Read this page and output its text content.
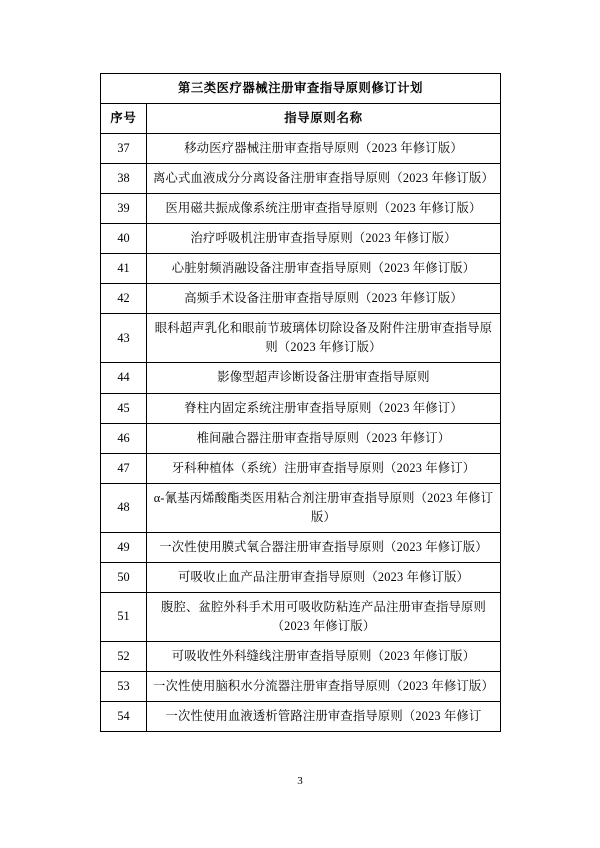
第三类医疗器械注册审查指导原则修订计划	
序号	指导原则名称
37	移动医疗器械注册审查指导原则（2023 年修订版）
38	离心式血液成分分离设备注册审查指导原则（2023 年修订版）
39	医用磁共振成像系统注册审查指导原则（2023 年修订版）
40	治疗呼吸机注册审查指导原则（2023 年修订版）
41	心脏射频消融设备注册审查指导原则（2023 年修订版）
42	高频手术设备注册审查指导原则（2023 年修订版）
43	眼科超声乳化和眼前节玻璃体切除设备及附件注册审查指导原则（2023 年修订版）
44	影像型超声诊断设备注册审查指导原则
45	脊柱内固定系统注册审查指导原则（2023 年修订）
46	椎间融合器注册审查指导原则（2023 年修订）
47	牙科种植体（系统）注册审查指导原则（2023 年修订）
48	α-氰基丙烯酸酯类医用粘合剂注册审查指导原则（2023 年修订版）
49	一次性使用膜式氧合器注册审查指导原则（2023 年修订版）
50	可吸收止血产品注册审查指导原则（2023 年修订版）
51	腹腔、盆腔外科手术用可吸收防粘连产品注册审查指导原则（2023 年修订版）
52	可吸收性外科缝线注册审查指导原则（2023 年修订版）
53	一次性使用脑积水分流器注册审查指导原则（2023 年修订版）
54	一次性使用血液透析管路注册审查指导原则（2023 年修订
3
